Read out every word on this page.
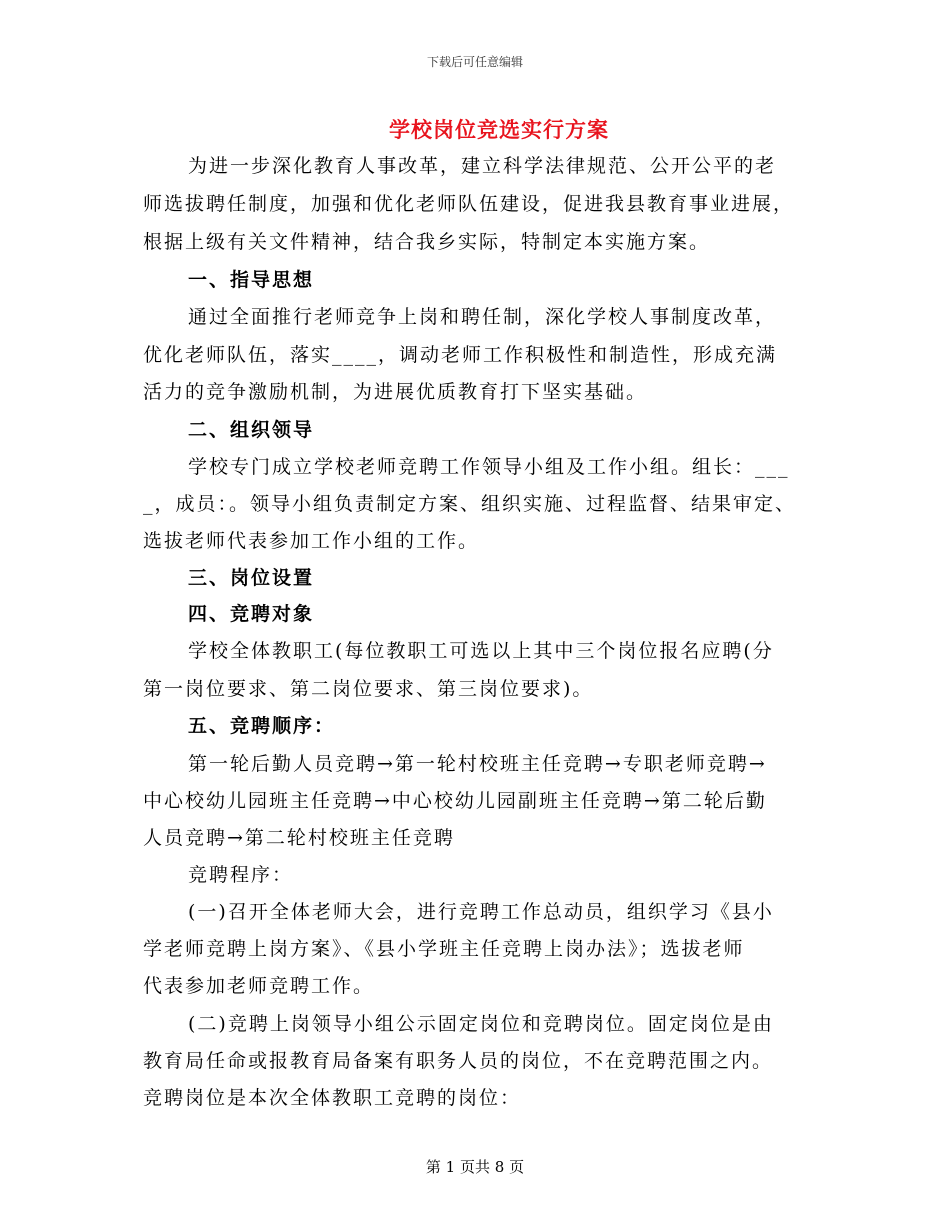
下载后可任意编辑
学校岗位竞选实行方案
为进一步深化教育人事改革，建立科学法律规范、公开公平的老
师选拔聘任制度，加强和优化老师队伍建设，促进我县教育事业进展，
根据上级有关文件精神，结合我乡实际，特制定本实施方案。
一、指导思想
通过全面推行老师竞争上岗和聘任制，深化学校人事制度改革，
优化老师队伍，落实____，调动老师工作积极性和制造性，形成充满
活力的竞争激励机制，为进展优质教育打下坚实基础。
二、组织领导
学校专门成立学校老师竞聘工作领导小组及工作小组。组长：___
_，成员：。领导小组负责制定方案、组织实施、过程监督、结果审定、
选拔老师代表参加工作小组的工作。
三、岗位设置
四、竞聘对象
学校全体教职工(每位教职工可选以上其中三个岗位报名应聘(分
第一岗位要求、第二岗位要求、第三岗位要求)。
五、竞聘顺序：
第一轮后勤人员竞聘→第一轮村校班主任竞聘→专职老师竞聘→
中心校幼儿园班主任竞聘→中心校幼儿园副班主任竞聘→第二轮后勤
人员竞聘→第二轮村校班主任竞聘
竞聘程序：
(一)召开全体老师大会，进行竞聘工作总动员，组织学习《县小
学老师竞聘上岗方案》、《县小学班主任竞聘上岗办法》；选拔老师
代表参加老师竞聘工作。
(二)竞聘上岗领导小组公示固定岗位和竞聘岗位。固定岗位是由
教育局任命或报教育局备案有职务人员的岗位，不在竞聘范围之内。
竞聘岗位是本次全体教职工竞聘的岗位：
第 1 页共 8 页
